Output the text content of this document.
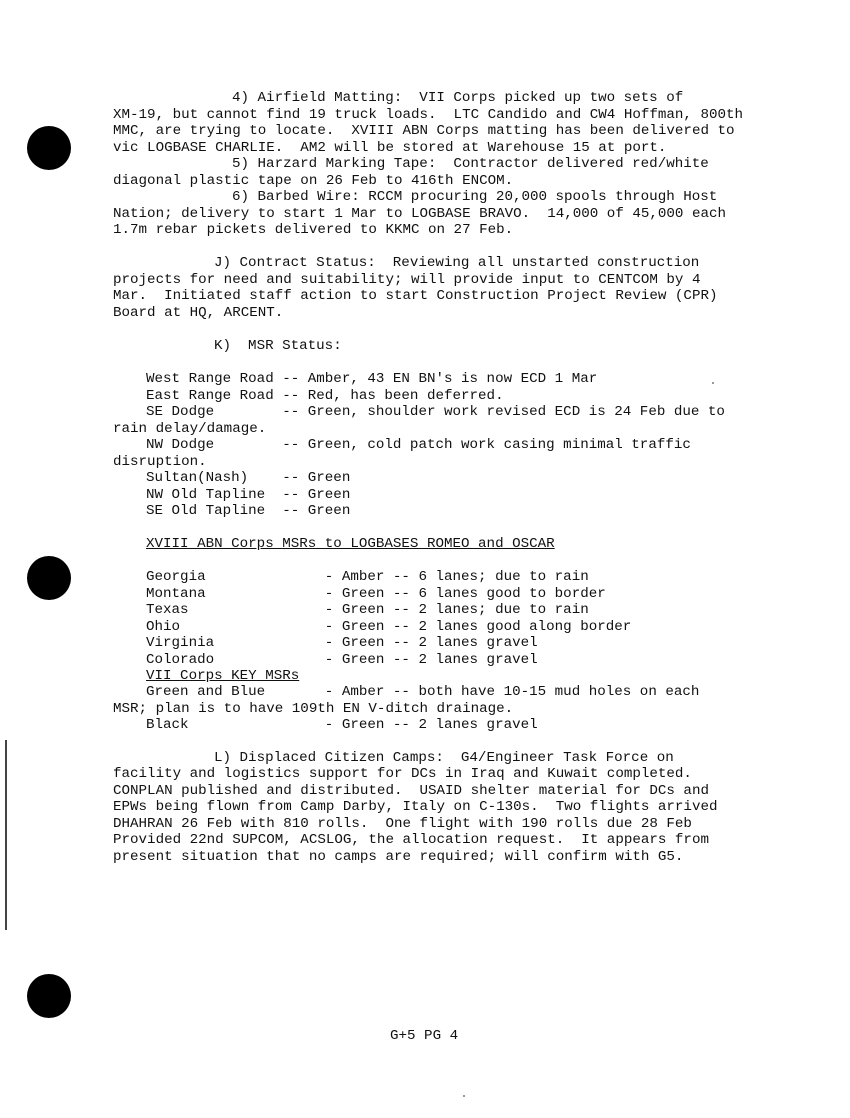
4) Airfield Matting:  VII Corps picked up two sets of
XM-19, but cannot find 19 truck loads.  LTC Candido and CW4 Hoffman, 800th
MMC, are trying to locate.  XVIII ABN Corps matting has been delivered to
vic LOGBASE CHARLIE.  AM2 will be stored at Warehouse 15 at port.
5) Harzard Marking Tape:  Contractor delivered red/white
diagonal plastic tape on 26 Feb to 416th ENCOM.
6) Barbed Wire: RCCM procuring 20,000 spools through Host
Nation; delivery to start 1 Mar to LOGBASE BRAVO.  14,000 of 45,000 each
1.7m rebar pickets delivered to KKMC on 27 Feb.
J) Contract Status:  Reviewing all unstarted construction
projects for need and suitability; will provide input to CENTCOM by 4
Mar.  Initiated staff action to start Construction Project Review (CPR)
Board at HQ, ARCENT.
K)  MSR Status:
West Range Road -- Amber, 43 EN BN's is now ECD 1 Mar
East Range Road -- Red, has been deferred.
SE Dodge        -- Green, shoulder work revised ECD is 24 Feb due to
rain delay/damage.
NW Dodge        -- Green, cold patch work casing minimal traffic
disruption.
Sultan(Nash)    -- Green
NW Old Tapline  -- Green
SE Old Tapline  -- Green
XVIII ABN Corps MSRs to LOGBASES ROMEO and OSCAR
Georgia              - Amber -- 6 lanes; due to rain
Montana              - Green -- 6 lanes good to border
Texas                - Green -- 2 lanes; due to rain
Ohio                 - Green -- 2 lanes good along border
Virginia             - Green -- 2 lanes gravel
Colorado             - Green -- 2 lanes gravel
VII Corps KEY MSRs
Green and Blue       - Amber -- both have 10-15 mud holes on each
MSR; plan is to have 109th EN V-ditch drainage.
Black                - Green -- 2 lanes gravel
L) Displaced Citizen Camps:  G4/Engineer Task Force on
facility and logistics support for DCs in Iraq and Kuwait completed.
CONPLAN published and distributed.  USAID shelter material for DCs and
EPWs being flown from Camp Darby, Italy on C-130s.  Two flights arrived
DHAHRAN 26 Feb with 810 rolls.  One flight with 190 rolls due 28 Feb
Provided 22nd SUPCOM, ACSLOG, the allocation request.  It appears from
present situation that no camps are required; will confirm with G5.
G+5 PG 4
